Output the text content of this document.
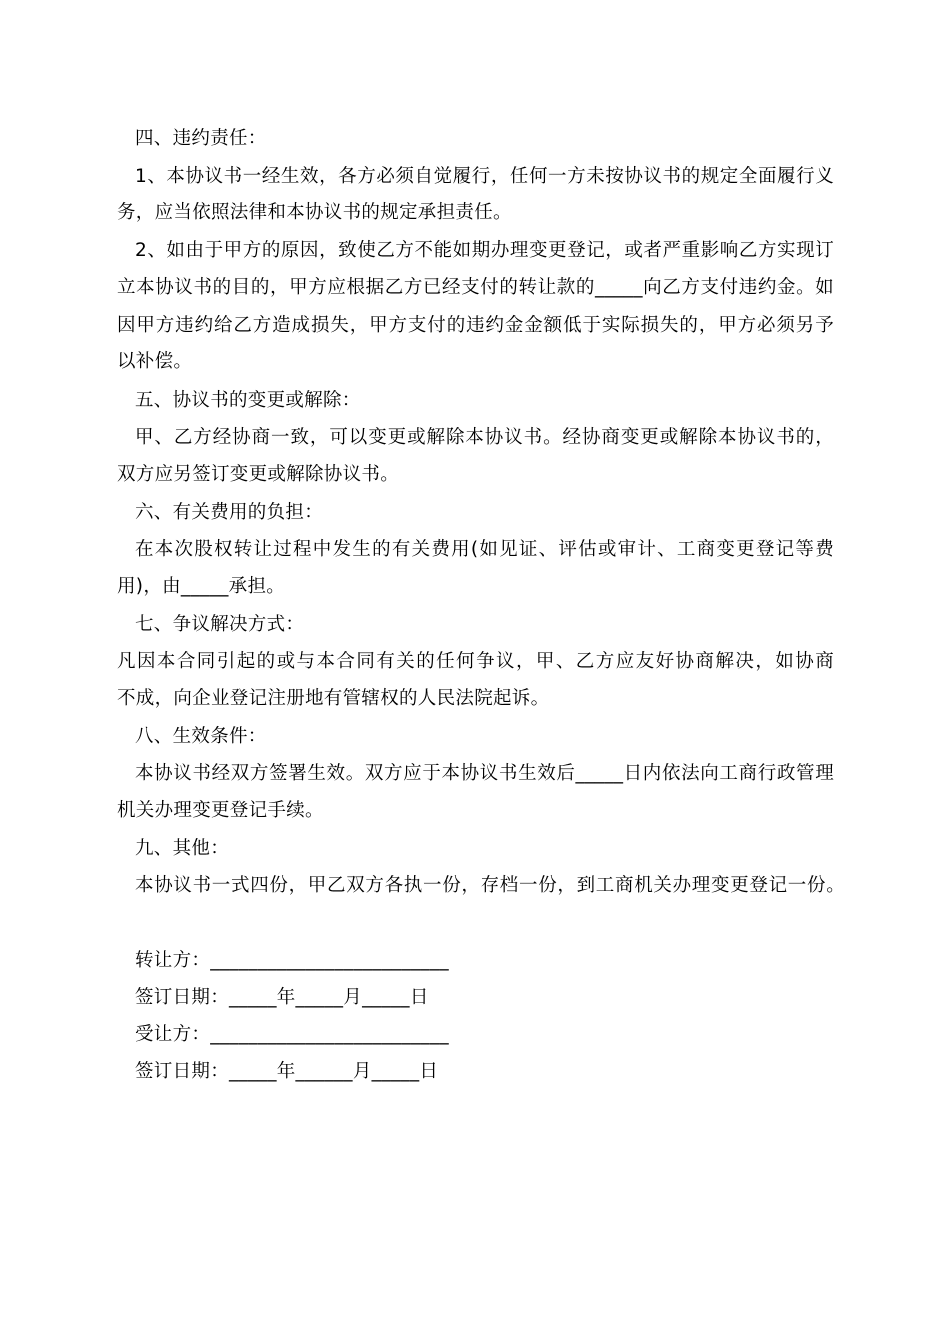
四、违约责任：
1、本协议书一经生效，各方必须自觉履行，任何一方未按协议书的规定全面履行义
务，应当依照法律和本协议书的规定承担责任。
2、如由于甲方的原因，致使乙方不能如期办理变更登记，或者严重影响乙方实现订
立本协议书的目的，甲方应根据乙方已经支付的转让款的_____向乙方支付违约金。如
因甲方违约给乙方造成损失，甲方支付的违约金金额低于实际损失的，甲方必须另予
以补偿。
五、协议书的变更或解除：
甲、乙方经协商一致，可以变更或解除本协议书。经协商变更或解除本协议书的，
双方应另签订变更或解除协议书。
六、有关费用的负担：
在本次股权转让过程中发生的有关费用(如见证、评估或审计、工商变更登记等费
用)，由_____承担。
七、争议解决方式：
凡因本合同引起的或与本合同有关的任何争议，甲、乙方应友好协商解决，如协商
不成，向企业登记注册地有管辖权的人民法院起诉。
八、生效条件：
本协议书经双方签署生效。双方应于本协议书生效后_____日内依法向工商行政管理
机关办理变更登记手续。
九、其他：
本协议书一式四份，甲乙双方各执一份，存档一份，到工商机关办理变更登记一份。
转让方：_________________________
签订日期：_____年_____月_____日
受让方：_________________________
签订日期：_____年______月_____日
